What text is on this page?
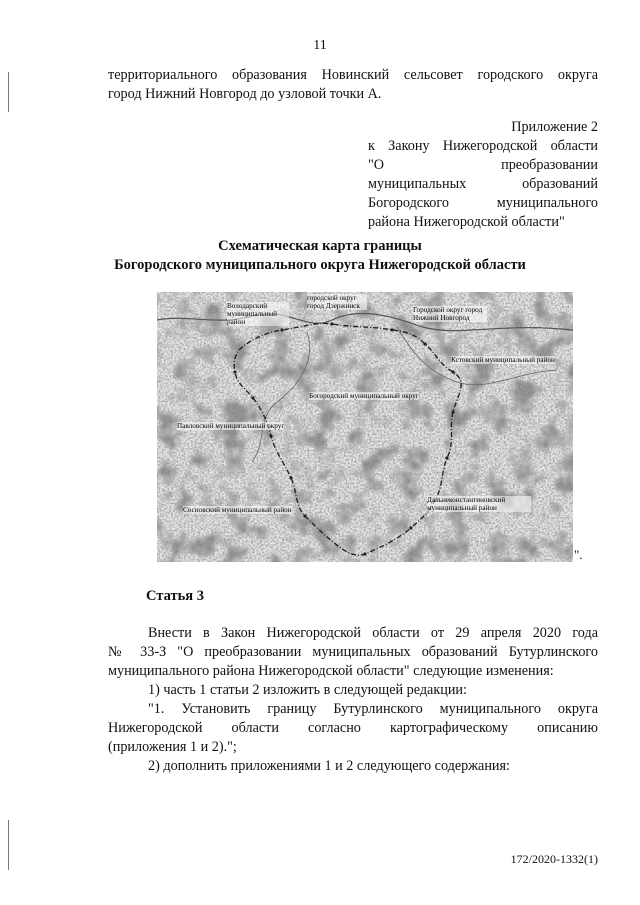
11
территориального образования Новинский сельсовет городского округа
город Нижний Новгород до узловой точки А.
Приложение 2
к Закону Нижегородской области
"О преобразовании
муниципальных образований
Богородского муниципального
района Нижегородской области"
Схематическая карта границы
Богородского муниципального округа Нижегородской области
Володарский муниципальный район
городской округ город Дзержинск	Городской округ город Нижний Новгород
Кстовский муниципальный район
Богородский муниципальный округ
Павловский муниципальный округ
Сосновский муниципальный район
Дальнеконстантиновский муниципальный район
".
Статья 3
Внести в Закон Нижегородской области от 29 апреля 2020 года
№ 33-З "О преобразовании муниципальных образований Бутурлинского
муниципального района Нижегородской области" следующие изменения:
1) часть 1 статьи 2 изложить в следующей редакции:
"1. Установить границу Бутурлинского муниципального округа
Нижегородской области согласно картографическому описанию
(приложения 1 и 2).";
2) дополнить приложениями 1 и 2 следующего содержания:
172/2020-1332(1)
